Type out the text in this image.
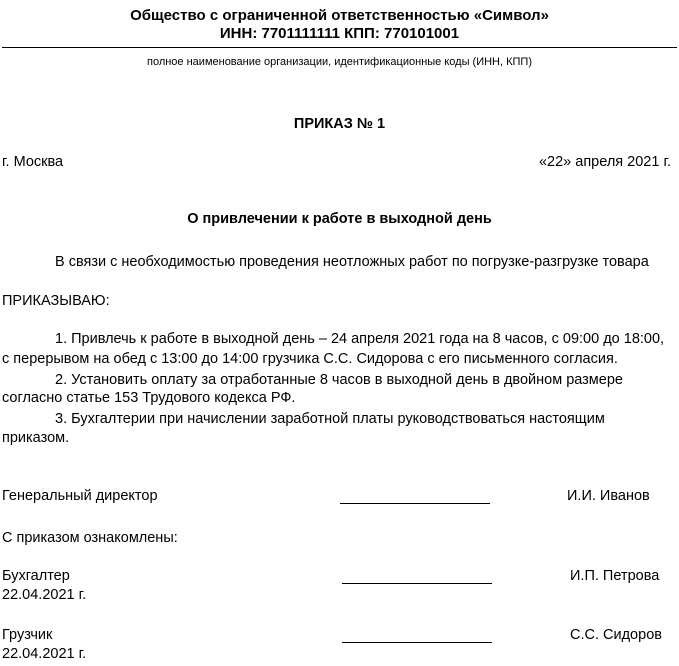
Общество с ограниченной ответственностью «Символ»
ИНН: 7701111111 КПП: 770101001
полное наименование организации, идентификационные коды (ИНН, КПП)
ПРИКАЗ № 1
г. Москва	«22» апреля 2021 г.
О привлечении к работе в выходной день
В связи с необходимостью проведения неотложных работ по погрузке-разгрузке товара
ПРИКАЗЫВАЮ:
1. Привлечь к работе в выходной день – 24 апреля 2021 года на 8 часов, с 09:00 до 18:00,
с перерывом на обед с 13:00 до 14:00 грузчика С.С. Сидорова с его письменного согласия.
2. Установить оплату за отработанные 8 часов в выходной день в двойном размере
согласно статье 153 Трудового кодекса РФ.
3. Бухгалтерии при начислении заработной платы руководствоваться настоящим
приказом.
Генеральный директор	И.И. Иванов
С приказом ознакомлены:
Бухгалтер	И.П. Петрова
22.04.2021 г.
Грузчик	С.С. Сидоров
22.04.2021 г.
